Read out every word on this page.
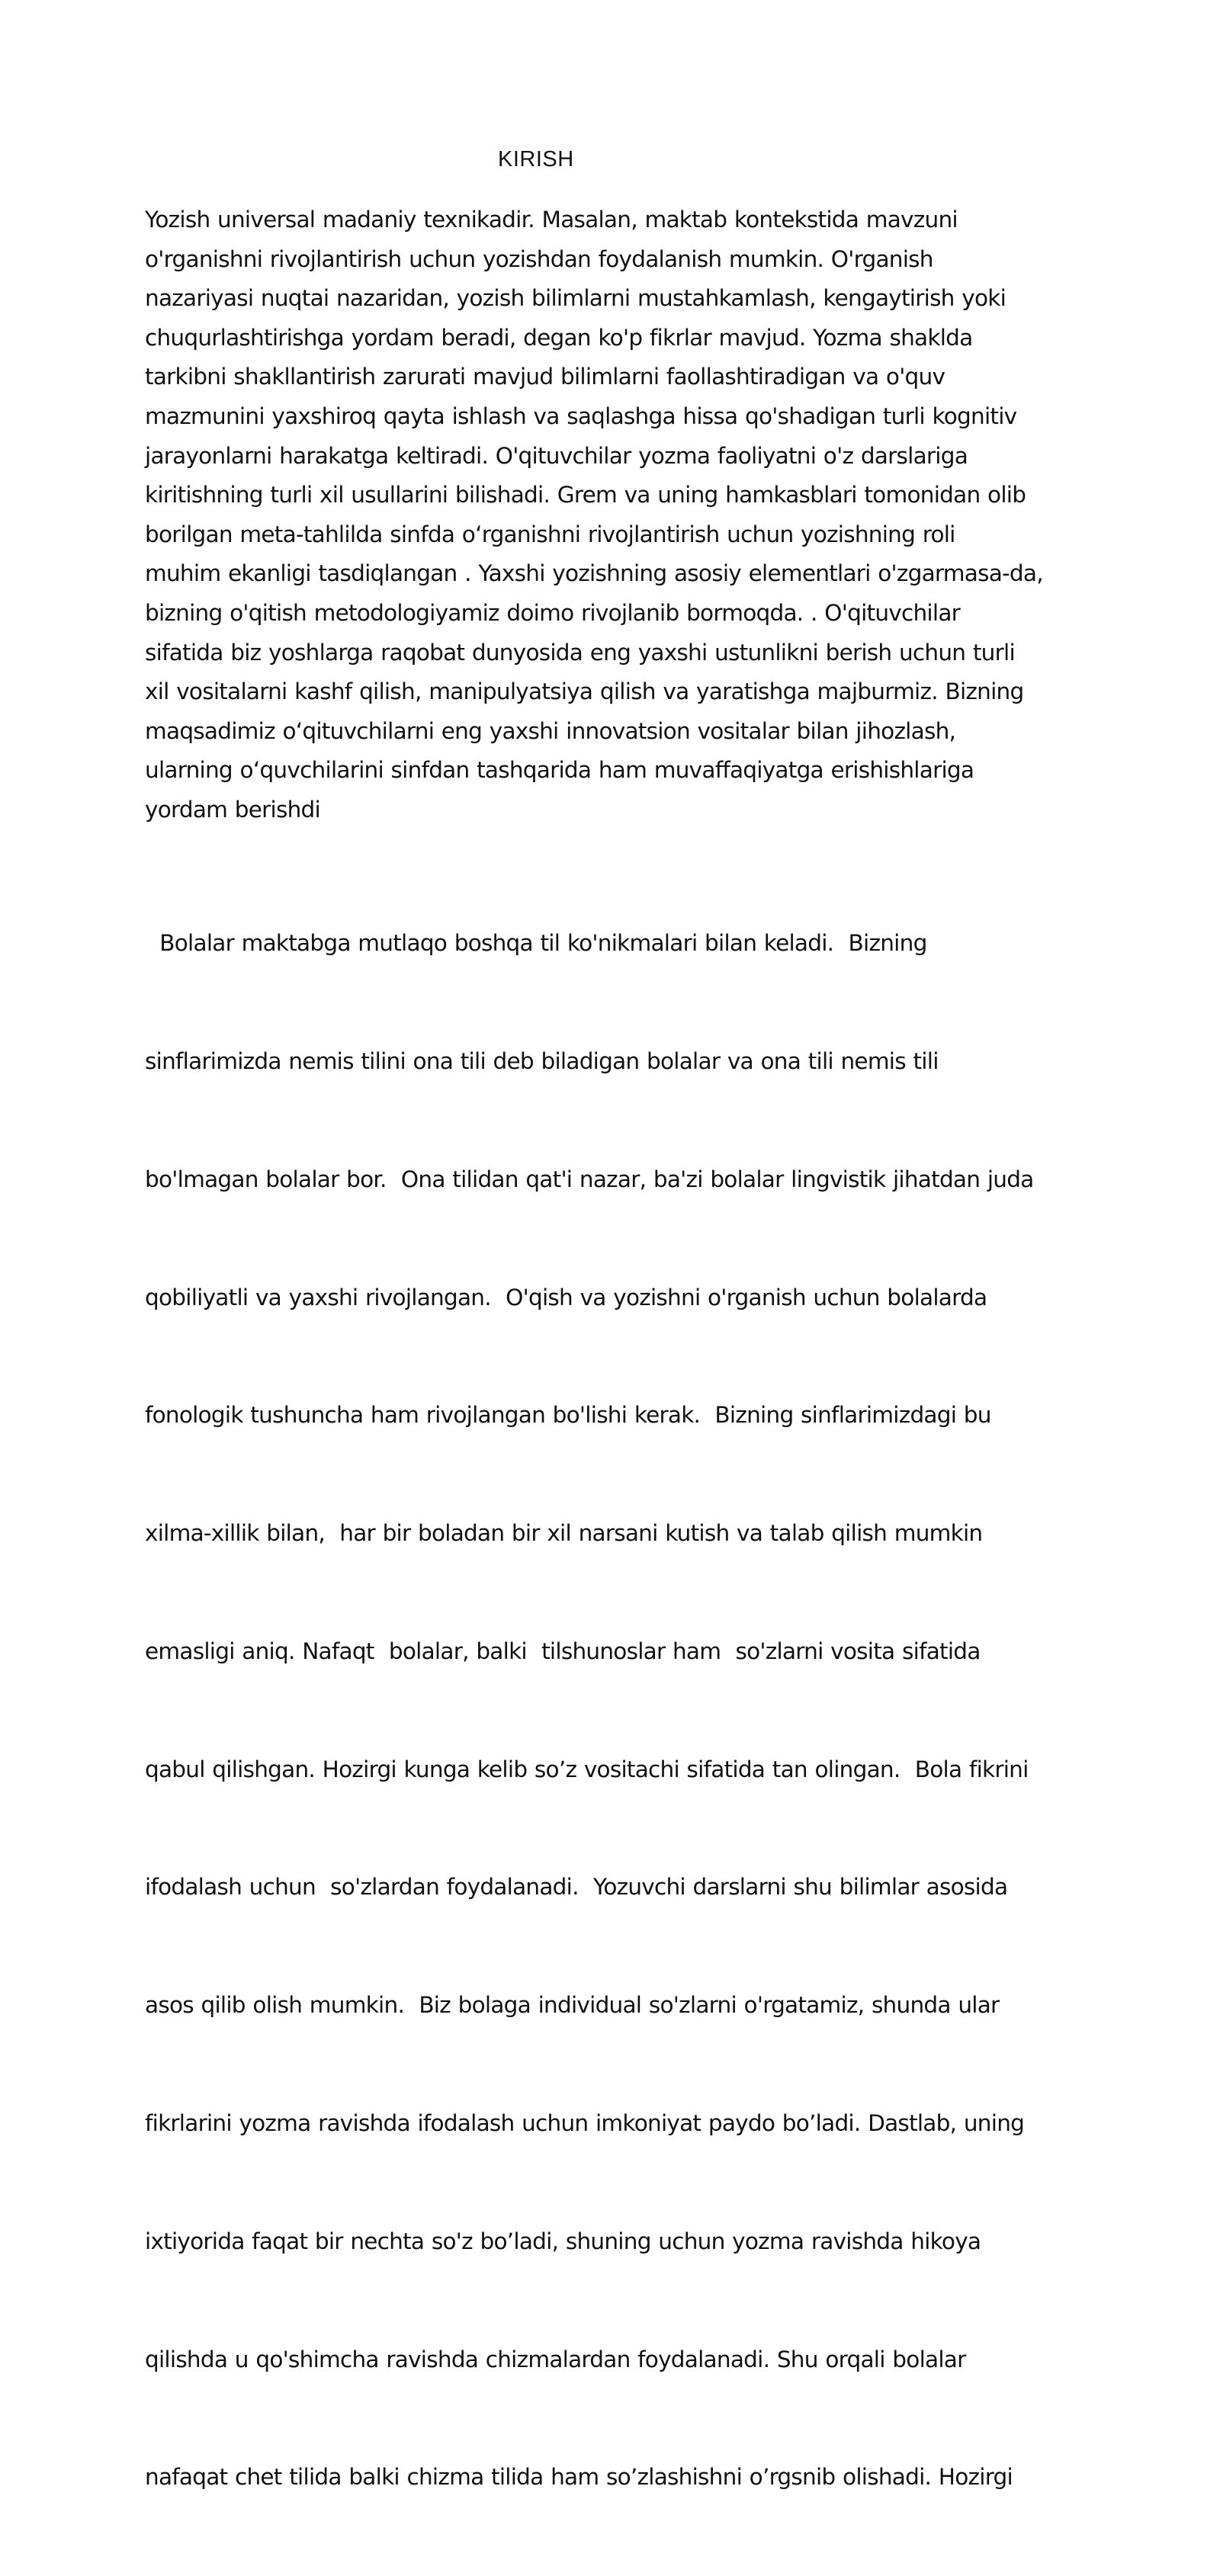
KIRISH
Yozish universal madaniy texnikadir. Masalan, maktab kontekstida mavzuni
o'rganishni rivojlantirish uchun yozishdan foydalanish mumkin. O'rganish
nazariyasi nuqtai nazaridan, yozish bilimlarni mustahkamlash, kengaytirish yoki
chuqurlashtirishga yordam beradi, degan ko'p fikrlar mavjud. Yozma shaklda
tarkibni shakllantirish zarurati mavjud bilimlarni faollashtiradigan va o'quv
mazmunini yaxshiroq qayta ishlash va saqlashga hissa qo'shadigan turli kognitiv
jarayonlarni harakatga keltiradi. O'qituvchilar yozma faoliyatni o'z darslariga
kiritishning turli xil usullarini bilishadi. Grem va uning hamkasblari tomonidan olib
borilgan meta-tahlilda sinfda o‘rganishni rivojlantirish uchun yozishning roli
muhim ekanligi tasdiqlangan . Yaxshi yozishning asosiy elementlari o'zgarmasa-da,
bizning o'qitish metodologiyamiz doimo rivojlanib bormoqda. . O'qituvchilar
sifatida biz yoshlarga raqobat dunyosida eng yaxshi ustunlikni berish uchun turli
xil vositalarni kashf qilish, manipulyatsiya qilish va yaratishga majburmiz. Bizning
maqsadimiz o‘qituvchilarni eng yaxshi innovatsion vositalar bilan jihozlash,
ularning o‘quvchilarini sinfdan tashqarida ham muvaffaqiyatga erishishlariga
yordam berishdi

Bolalar maktabga mutlaqo boshqa til ko'nikmalari bilan keladi.  Bizning

sinflarimizda nemis tilini ona tili deb biladigan bolalar va ona tili nemis tili

bo'lmagan bolalar bor.  Ona tilidan qat'i nazar, ba'zi bolalar lingvistik jihatdan juda

qobiliyatli va yaxshi rivojlangan.  O'qish va yozishni o'rganish uchun bolalarda

fonologik tushuncha ham rivojlangan bo'lishi kerak.  Bizning sinflarimizdagi bu

xilma-xillik bilan,  har bir boladan bir xil narsani kutish va talab qilish mumkin

emasligi aniq. Nafaqt  bolalar, balki  tilshunoslar ham  so'zlarni vosita sifatida

qabul qilishgan. Hozirgi kunga kelib so’z vositachi sifatida tan olingan.  Bola fikrini

ifodalash uchun  so'zlardan foydalanadi.  Yozuvchi darslarni shu bilimlar asosida

asos qilib olish mumkin.  Biz bolaga individual so'zlarni o'rgatamiz, shunda ular

fikrlarini yozma ravishda ifodalash uchun imkoniyat paydo bo’ladi. Dastlab, uning

ixtiyorida faqat bir nechta so'z bo’ladi, shuning uchun yozma ravishda hikoya

qilishda u qo'shimcha ravishda chizmalardan foydalanadi. Shu orqali bolalar

nafaqat chet tilida balki chizma tilida ham so’zlashishni o’rgsnib olishadi. Hozirgi
